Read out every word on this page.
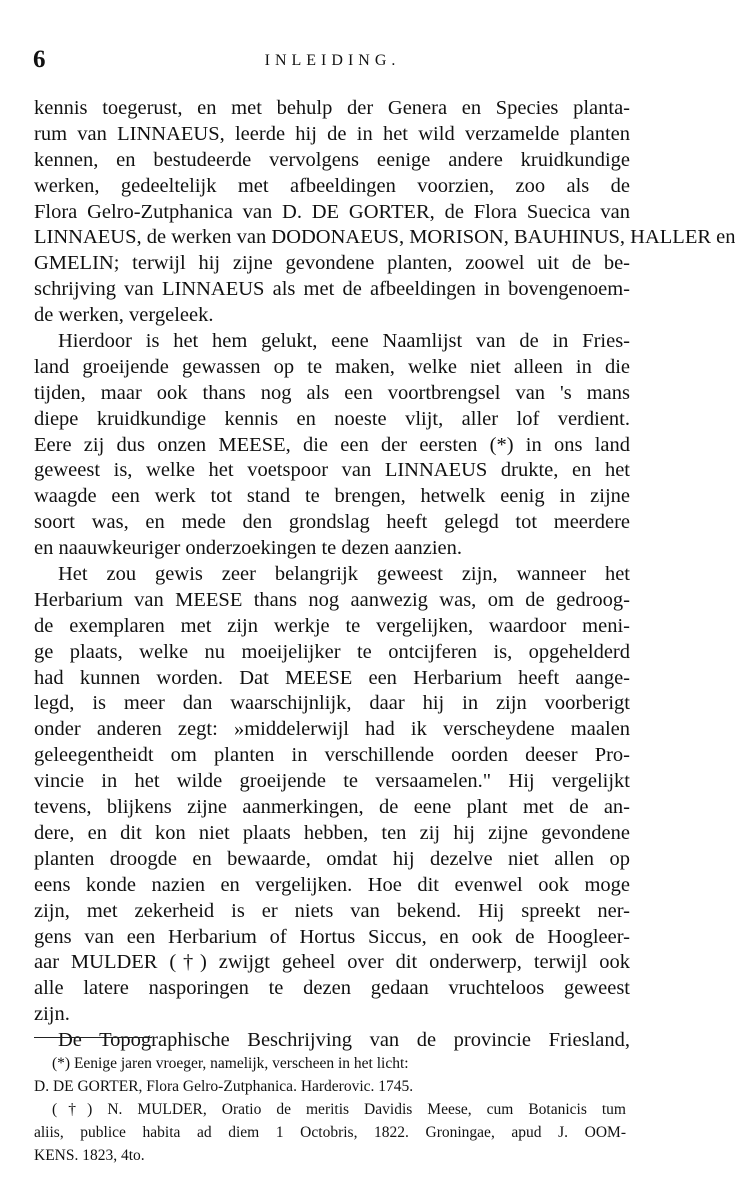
6	INLEIDING.
kennis toegerust, en met behulp der Genera en Species planta-
rum van LINNAEUS, leerde hij de in het wild verzamelde planten
kennen, en bestudeerde vervolgens eenige andere kruidkundige
werken, gedeeltelijk met afbeeldingen voorzien, zoo als de
Flora Gelro-Zutphanica van D. DE GORTER, de Flora Suecica van
LINNAEUS, de werken van DODONAEUS, MORISON, BAUHINUS, HALLER en
GMELIN; terwijl hij zijne gevondene planten, zoowel uit de be-
schrijving van LINNAEUS als met de afbeeldingen in bovengenoem-
de werken, vergeleek.
Hierdoor is het hem gelukt, eene Naamlijst van de in Fries-
land groeijende gewassen op te maken, welke niet alleen in die
tijden, maar ook thans nog als een voortbrengsel van 's mans
diepe kruidkundige kennis en noeste vlijt, aller lof verdient.
Eere zij dus onzen MEESE, die een der eersten (*) in ons land
geweest is, welke het voetspoor van LINNAEUS drukte, en het
waagde een werk tot stand te brengen, hetwelk eenig in zijne
soort was, en mede den grondslag heeft gelegd tot meerdere
en naauwkeuriger onderzoekingen te dezen aanzien.
Het zou gewis zeer belangrijk geweest zijn, wanneer het
Herbarium van MEESE thans nog aanwezig was, om de gedroog-
de exemplaren met zijn werkje te vergelijken, waardoor meni-
ge plaats, welke nu moeijelijker te ontcijferen is, opgehelderd
had kunnen worden. Dat MEESE een Herbarium heeft aange-
legd, is meer dan waarschijnlijk, daar hij in zijn voorberigt
onder anderen zegt: »middelerwijl had ik verscheydene maalen
geleegentheidt om planten in verschillende oorden deeser Pro-
vincie in het wilde groeijende te versaamelen." Hij vergelijkt
tevens, blijkens zijne aanmerkingen, de eene plant met de an-
dere, en dit kon niet plaats hebben, ten zij hij zijne gevondene
planten droogde en bewaarde, omdat hij dezelve niet allen op
eens konde nazien en vergelijken. Hoe dit evenwel ook moge
zijn, met zekerheid is er niets van bekend. Hij spreekt ner-
gens van een Herbarium of Hortus Siccus, en ook de Hoogleer-
aar MULDER (†) zwijgt geheel over dit onderwerp, terwijl ook
alle latere nasporingen te dezen gedaan vruchteloos geweest
zijn.
De Topographische Beschrijving van de provincie Friesland,
(*) Eenige jaren vroeger, namelijk, verscheen in het licht:
D. DE GORTER, Flora Gelro-Zutphanica. Harderovic. 1745.
(†) N. MULDER, Oratio de meritis Davidis Meese, cum Botanicis tum
aliis, publice habita ad diem 1 Octobris, 1822. Groningae, apud J. OOM-
KENS. 1823, 4to.
